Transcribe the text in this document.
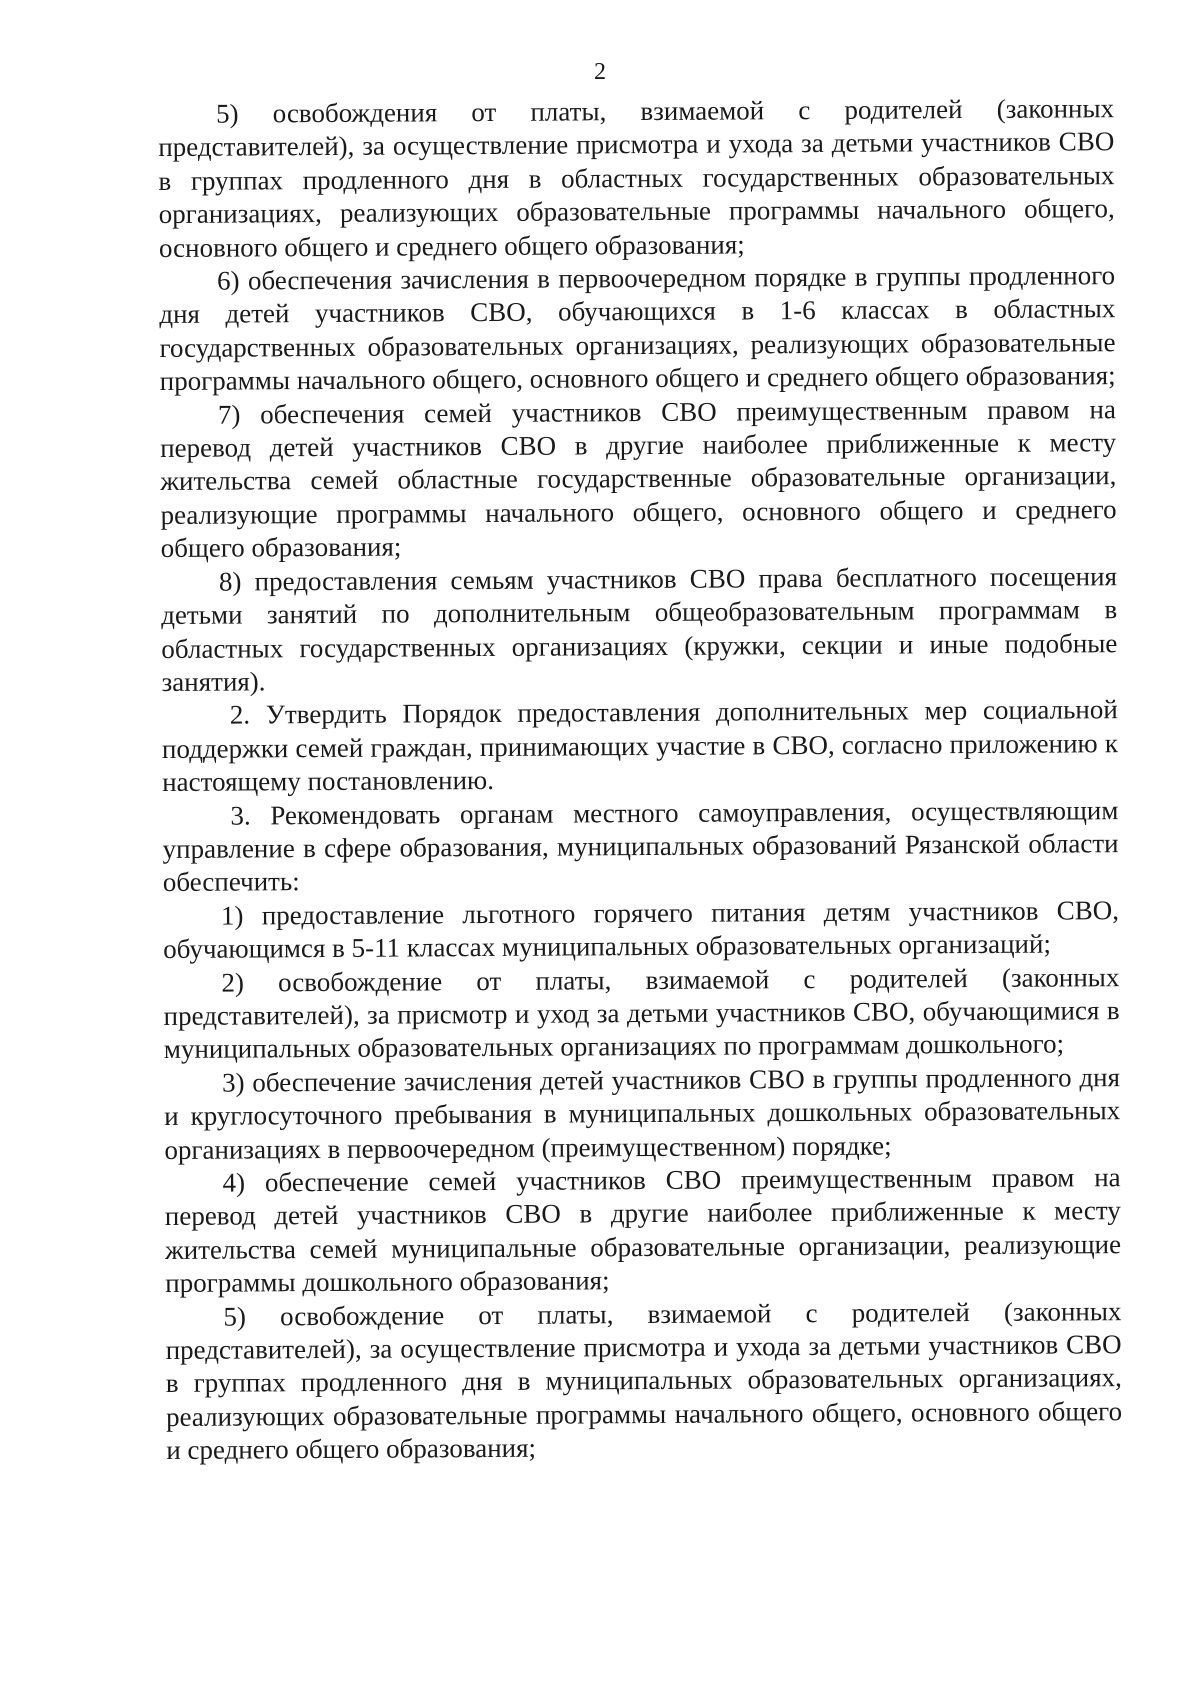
2

5) освобождения от платы, взимаемой с родителей (законных представителей), за осуществление присмотра и ухода за детьми участников СВО в группах продленного дня в областных государственных образовательных организациях, реализующих образовательные программы начального общего, основного общего и среднего общего образования;

6) обеспечения зачисления в первоочередном порядке в группы продленного дня детей участников СВО, обучающихся в 1-6 классах в областных государственных образовательных организациях, реализующих образовательные программы начального общего, основного общего и среднего общего образования;

7) обеспечения семей участников СВО преимущественным правом на перевод детей участников СВО в другие наиболее приближенные к месту жительства семей областные государственные образовательные организации, реализующие программы начального общего, основного общего и среднего общего образования;

8) предоставления семьям участников СВО права бесплатного посещения детьми занятий по дополнительным общеобразовательным программам в областных государственных организациях (кружки, секции и иные подобные занятия).

2. Утвердить Порядок предоставления дополнительных мер социальной поддержки семей граждан, принимающих участие в СВО, согласно приложению к настоящему постановлению.

3. Рекомендовать органам местного самоуправления, осуществляющим управление в сфере образования, муниципальных образований Рязанской области обеспечить:

1) предоставление льготного горячего питания детям участников СВО, обучающимся в 5-11 классах муниципальных образовательных организаций;

2) освобождение от платы, взимаемой с родителей (законных представителей), за присмотр и уход за детьми участников СВО, обучающимися в муниципальных образовательных организациях по программам дошкольного;

3) обеспечение зачисления детей участников СВО в группы продленного дня и круглосуточного пребывания в муниципальных дошкольных образовательных организациях в первоочередном (преимущественном) порядке;

4) обеспечение семей участников СВО преимущественным правом на перевод детей участников СВО в другие наиболее приближенные к месту жительства семей муниципальные образовательные организации, реализующие программы дошкольного образования;

5) освобождение от платы, взимаемой с родителей (законных представителей), за осуществление присмотра и ухода за детьми участников СВО в группах продленного дня в муниципальных образовательных организациях, реализующих образовательные программы начального общего, основного общего и среднего общего образования;
